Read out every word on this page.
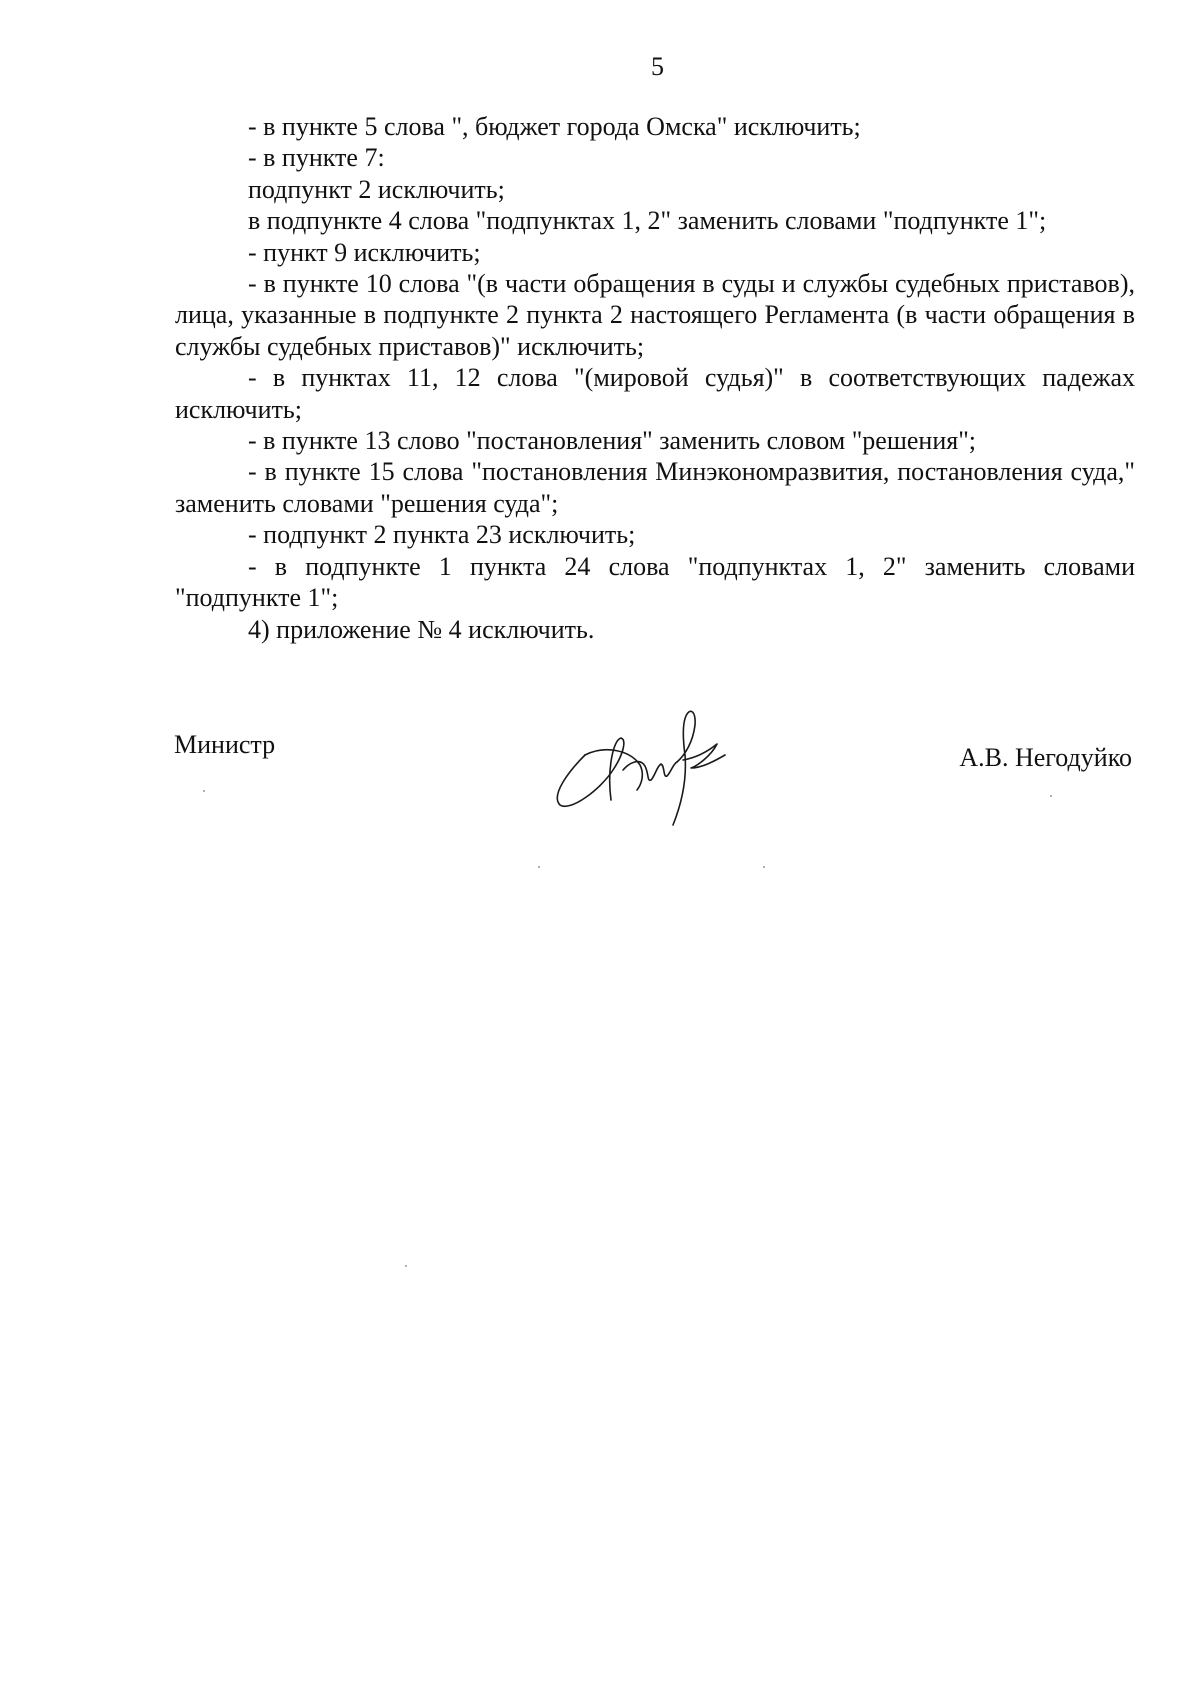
5

- в пункте 5 слова ", бюджет города Омска" исключить;

- в пункте 7:

подпункт 2 исключить;

в подпункте 4 слова "подпунктах 1, 2" заменить словами "подпункте 1";

- пункт 9 исключить;

- в пункте 10 слова "(в части обращения в суды и службы судебных приставов), лица, указанные в подпункте 2 пункта 2 настоящего Регламента (в части обращения в службы судебных приставов)" исключить;

- в пунктах 11, 12 слова "(мировой судья)" в соответствующих падежах исключить;

- в пункте 13 слово "постановления" заменить словом "решения";

- в пункте 15 слова "постановления Минэкономразвития, постановления суда," заменить словами "решения суда";

- подпункт 2 пункта 23 исключить;

- в подпункте 1 пункта 24 слова "подпунктах 1, 2" заменить словами "подпункте 1";

4) приложение № 4 исключить.

Министр	А.В. Негодуйко
